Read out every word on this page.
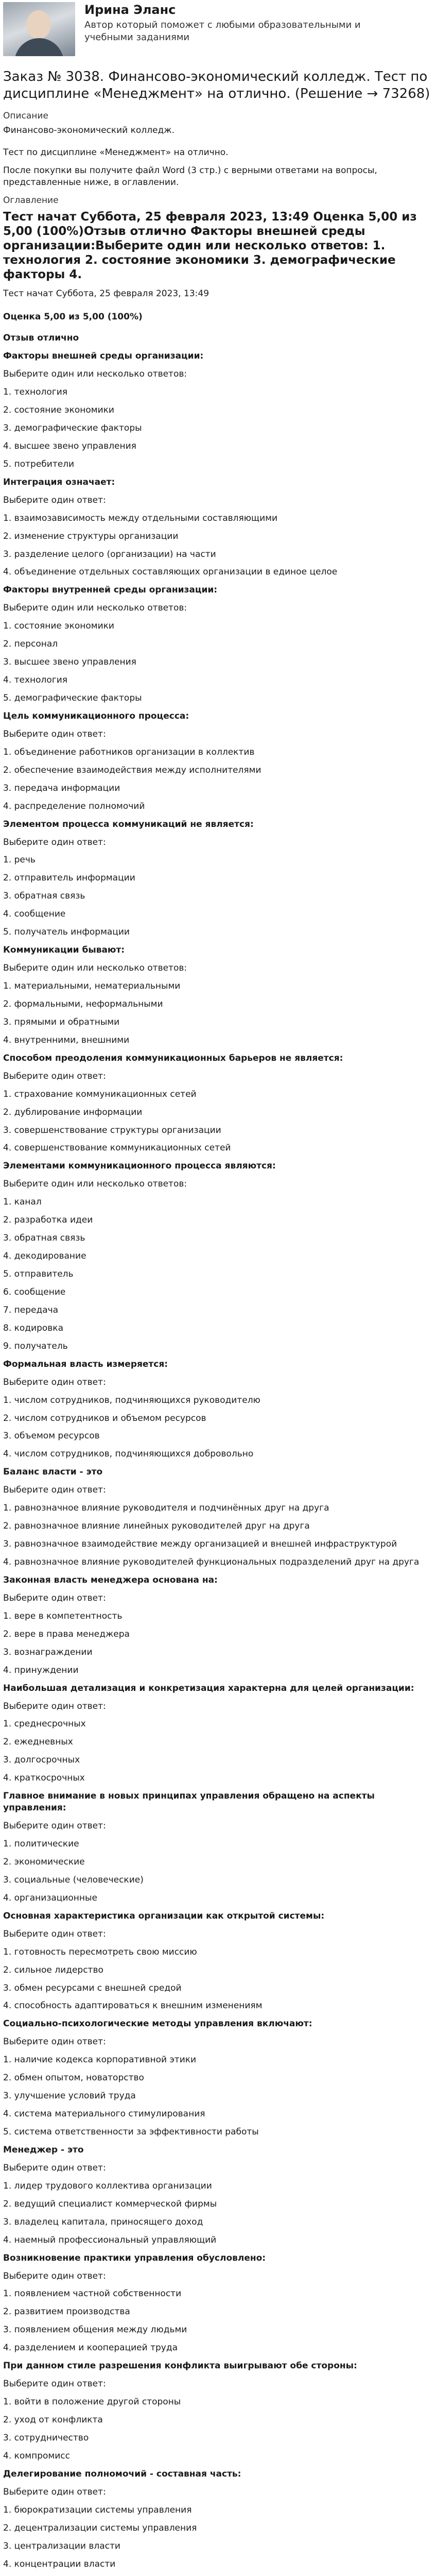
Ирина Эланс
Автор который поможет с любыми образовательными и учебными заданиями
Заказ № 3038. Финансово-экономический колледж. Тест по дисциплине «Менеджмент» на отлично. (Решение → 73268)
Описание
Финансово-экономический колледж.
Тест по дисциплине «Менеджмент» на отлично.
После покупки вы получите файл Word (3 стр.) с верными ответами на вопросы, представленные ниже, в оглавлении.
Оглавление
Тест начат Суббота, 25 февраля 2023, 13:49 Оценка 5,00 из 5,00 (100%)Отзыв отлично Факторы внешней среды организации:Выберите один или несколько ответов: 1. технология 2. состояние экономики 3. демографические факторы 4.
Тест начат Суббота, 25 февраля 2023, 13:49
Оценка 5,00 из 5,00 (100%)
Отзыв отлично
Факторы внешней среды организации:
Выберите один или несколько ответов:
1. технология
2. состояние экономики
3. демографические факторы
4. высшее звено управления
5. потребители
Интеграция означает:
Выберите один ответ:
1. взаимозависимость между отдельными составляющими
2. изменение структуры организации
3. разделение целого (организации) на части
4. объединение отдельных составляющих организации в единое целое
Факторы внутренней среды организации:
Выберите один или несколько ответов:
1. состояние экономики
2. персонал
3. высшее звено управления
4. технология
5. демографические факторы
Цель коммуникационного процесса:
Выберите один ответ:
1. объединение работников организации в коллектив
2. обеспечение взаимодействия между исполнителями
3. передача информации
4. распределение полномочий
Элементом процесса коммуникаций не является:
Выберите один ответ:
1. речь
2. отправитель информации
3. обратная связь
4. сообщение
5. получатель информации
Коммуникации бывают:
Выберите один или несколько ответов:
1. материальными, нематериальными
2. формальными, неформальными
3. прямыми и обратными
4. внутренними, внешними
Способом преодоления коммуникационных барьеров не является:
Выберите один ответ:
1. страхование коммуникационных сетей
2. дублирование информации
3. совершенствование структуры организации
4. совершенствование коммуникационных сетей
Элементами коммуникационного процесса являются:
Выберите один или несколько ответов:
1. канал
2. разработка идеи
3. обратная связь
4. декодирование
5. отправитель
6. сообщение
7. передача
8. кодировка
9. получатель
Формальная власть измеряется:
Выберите один ответ:
1. числом сотрудников, подчиняющихся руководителю
2. числом сотрудников и объемом ресурсов
3. объемом ресурсов
4. числом сотрудников, подчиняющихся добровольно
Баланс власти - это
Выберите один ответ:
1. равнозначное влияние руководителя и подчинённых друг на друга
2. равнозначное влияние линейных руководителей друг на друга
3. равнозначное взаимодействие между организацией и внешней инфраструктурой
4. равнозначное влияние руководителей функциональных подразделений друг на друга
Законная власть менеджера основана на:
Выберите один ответ:
1. вере в компетентность
2. вере в права менеджера
3. вознаграждении
4. принуждении
Наибольшая детализация и конкретизация характерна для целей организации:
Выберите один ответ:
1. среднесрочных
2. ежедневных
3. долгосрочных
4. краткосрочных
Главное внимание в новых принципах управления обращено на аспекты управления:
Выберите один ответ:
1. политические
2. экономические
3. социальные (человеческие)
4. организационные
Основная характеристика организации как открытой системы:
Выберите один ответ:
1. готовность пересмотреть свою миссию
2. сильное лидерство
3. обмен ресурсами с внешней средой
4. способность адаптироваться к внешним изменениям
Социально-психологические методы управления включают:
Выберите один ответ:
1. наличие кодекса корпоративной этики
2. обмен опытом, новаторство
3. улучшение условий труда
4. система материального стимулирования
5. система ответственности за эффективности работы
Менеджер - это
Выберите один ответ:
1. лидер трудового коллектива организации
2. ведущий специалист коммерческой фирмы
3. владелец капитала, приносящего доход
4. наемный профессиональный управляющий
Возникновение практики управления обусловлено:
Выберите один ответ:
1. появлением частной собственности
2. развитием производства
3. появлением общения между людьми
4. разделением и кооперацией труда
При данном стиле разрешения конфликта выигрывают обе стороны:
Выберите один ответ:
1. войти в положение другой стороны
2. уход от конфликта
3. сотрудничество
4. компромисс
Делегирование полномочий - составная часть:
Выберите один ответ:
1. бюрократизации системы управления
2. децентрализации системы управления
3. централизации власти
4. концентрации власти
